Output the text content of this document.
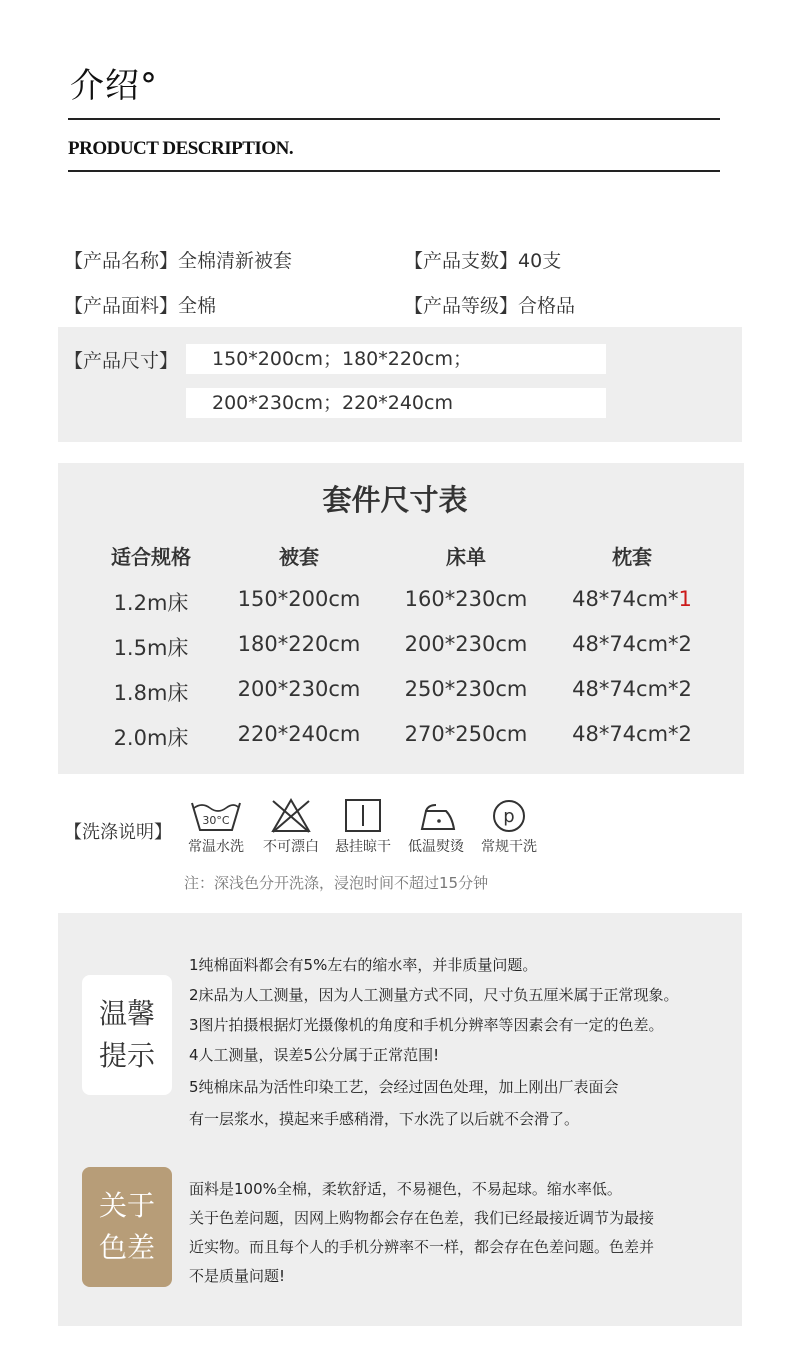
介绍°
PRODUCT DESCRIPTION.
【产品名称】全棉清新被套	【产品支数】40支
【产品面料】全棉	【产品等级】合格品
【产品尺寸】	150*200cm；180*220cm；
200*230cm；220*240cm
套件尺寸表
适合规格	被套	床单	枕套
1.2m床	150*200cm	160*230cm	48*74cm*1
1.5m床	180*220cm	200*230cm	48*74cm*2
1.8m床	200*230cm	250*230cm	48*74cm*2
2.0m床	220*240cm	270*250cm	48*74cm*2
【洗涤说明】
30°C
常温水洗	不可漂白	悬挂晾干	低温熨烫
p
常规干洗
注：深浅色分开洗涤，浸泡时间不超过15分钟
温馨
提示
1纯棉面料都会有5%左右的缩水率，并非质量问题。
2床品为人工测量，因为人工测量方式不同，尺寸负五厘米属于正常现象。
3图片拍摄根据灯光摄像机的角度和手机分辨率等因素会有一定的色差。
4人工测量，误差5公分属于正常范围!
5纯棉床品为活性印染工艺，会经过固色处理，加上刚出厂表面会
有一层浆水，摸起来手感稍滑，下水洗了以后就不会滑了。
关于
色差
面料是100%全棉，柔软舒适，不易褪色，不易起球。缩水率低。
关于色差问题，因网上购物都会存在色差，我们已经最接近调节为最接
近实物。而且每个人的手机分辨率不一样，都会存在色差问题。色差并
不是质量问题!
